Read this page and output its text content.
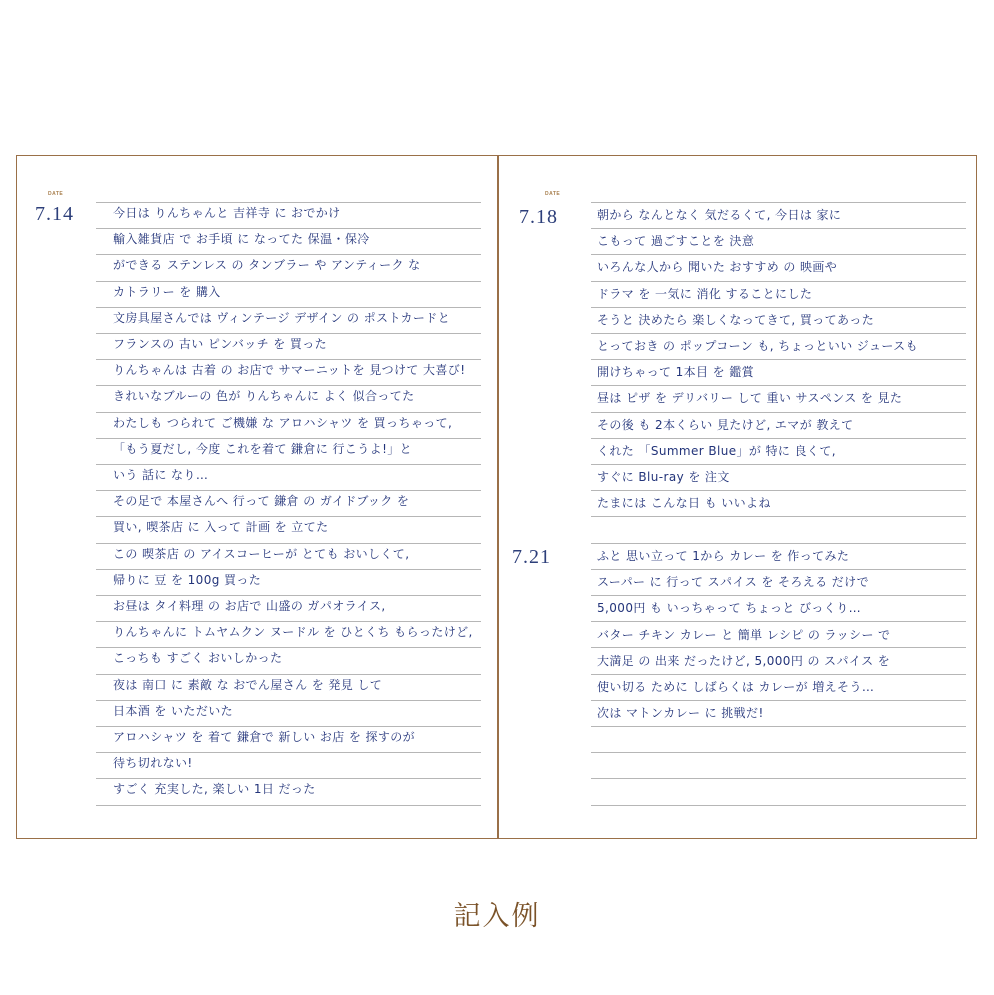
DATE
7.14	今日は りんちゃんと 吉祥寺 に おでかけ
輸入雑貨店 で お手頃 に なってた 保温・保冷
ができる ステンレス の タンブラー や アンティーク な
カトラリー を 購入
文房具屋さんでは ヴィンテージ デザイン の ポストカードと
フランスの 古い ピンバッチ を 買った
りんちゃんは 古着 の お店で サマーニットを 見つけて 大喜び!
きれいなブルーの 色が りんちゃんに よく 似合ってた
わたしも つられて ご機嫌 な アロハシャツ を 買っちゃって,
「もう夏だし, 今度 これを着て 鎌倉に 行こうよ!」と
いう 話に なり…
その足で 本屋さんへ 行って 鎌倉 の ガイドブック を
買い, 喫茶店 に 入って 計画 を 立てた
この 喫茶店 の アイスコーヒーが とても おいしくて,
帰りに 豆 を 100g 買った
お昼は タイ料理 の お店で 山盛の ガパオライス,
りんちゃんに トムヤムクン ヌードル を ひとくち もらったけど,
こっちも すごく おいしかった
夜は 南口 に 素敵 な おでん屋さん を 発見 して
日本酒 を いただいた
アロハシャツ を 着て 鎌倉で 新しい お店 を 探すのが
待ち切れない!
すごく 充実した, 楽しい 1日 だった
DATE
7.18
7.21
朝から なんとなく 気だるくて, 今日は 家に
こもって 過ごすことを 決意
いろんな人から 聞いた おすすめ の 映画や
ドラマ を 一気に 消化 することにした
そうと 決めたら 楽しくなってきて, 買ってあった
とっておき の ポップコーン も, ちょっといい ジュースも
開けちゃって 1本目 を 鑑賞
昼は ピザ を デリバリー して 重い サスペンス を 見た
その後 も 2本くらい 見たけど, エマが 教えて
くれた 「Summer Blue」が 特に 良くて,
すぐに Blu-ray を 注文
たまには こんな日 も いいよね
ふと 思い立って 1から カレー を 作ってみた
スーパー に 行って スパイス を そろえる だけで
5,000円 も いっちゃって ちょっと びっくり…
バター チキン カレー と 簡単 レシピ の ラッシー で
大満足 の 出来 だったけど, 5,000円 の スパイス を
使い切る ために しばらくは カレーが 増えそう…
次は マトンカレー に 挑戦だ!
記入例
